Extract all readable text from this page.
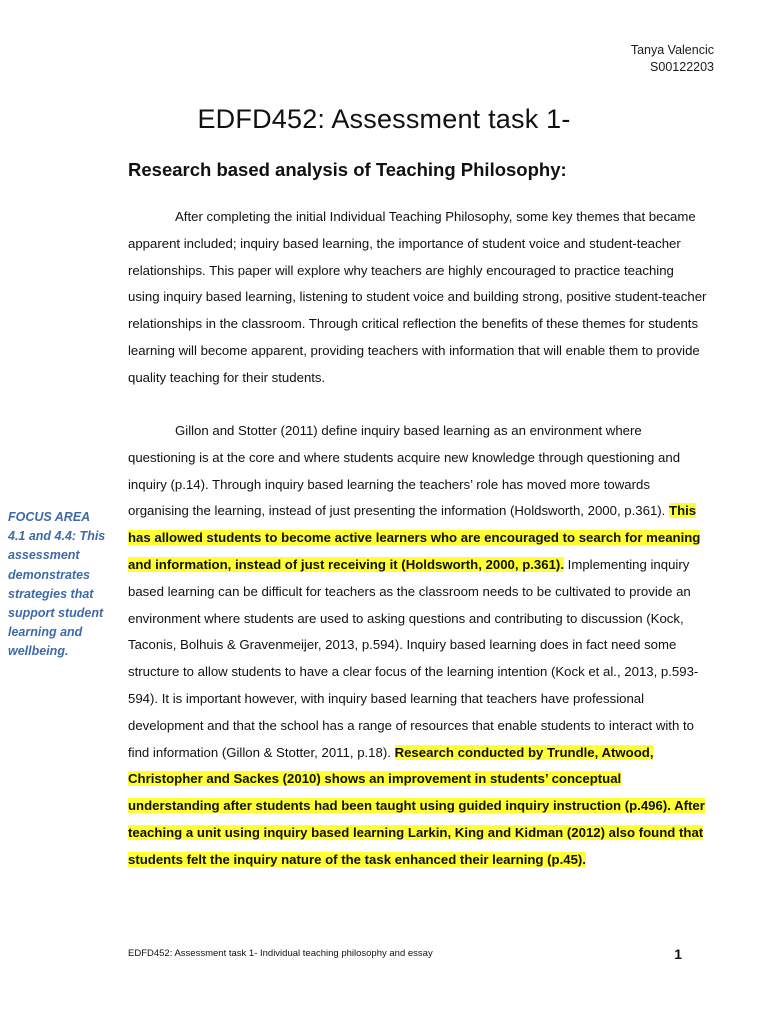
Tanya Valencic
S00122203
EDFD452: Assessment task 1-
Research based analysis of Teaching Philosophy:

After completing the initial Individual Teaching Philosophy, some key themes that became apparent included; inquiry based learning, the importance of student voice and student-teacher relationships. This paper will explore why teachers are highly encouraged to practice teaching using inquiry based learning, listening to student voice and building strong, positive student-teacher relationships in the classroom. Through critical reflection the benefits of these themes for students learning will become apparent, providing teachers with information that will enable them to provide quality teaching for their students.

Gillon and Stotter (2011) define inquiry based learning as an environment where questioning is at the core and where students acquire new knowledge through questioning and inquiry (p.14). Through inquiry based learning the teachers’ role has moved more towards organising the learning, instead of just presenting the information (Holdsworth, 2000, p.361). This has allowed students to become active learners who are encouraged to search for meaning and information, instead of just receiving it (Holdsworth, 2000, p.361). Implementing inquiry based learning can be difficult for teachers as the classroom needs to be cultivated to provide an environment where students are used to asking questions and contributing to discussion (Kock, Taconis, Bolhuis & Gravenmeijer, 2013, p.594). Inquiry based learning does in fact need some structure to allow students to have a clear focus of the learning intention (Kock et al., 2013, p.593-594). It is important however, with inquiry based learning that teachers have professional development and that the school has a range of resources that enable students to interact with to find information (Gillon & Stotter, 2011, p.18). Research conducted by Trundle, Atwood, Christopher and Sackes (2010) shows an improvement in students’ conceptual understanding after students had been taught using guided inquiry instruction (p.496). After teaching a unit using inquiry based learning Larkin, King and Kidman (2012) also found that students felt the inquiry nature of the task enhanced their learning (p.45).

FOCUS AREA 4.1 and 4.4: This assessment demonstrates strategies that support student learning and wellbeing.
EDFD452: Assessment task 1- Individual teaching philosophy and essay	1
